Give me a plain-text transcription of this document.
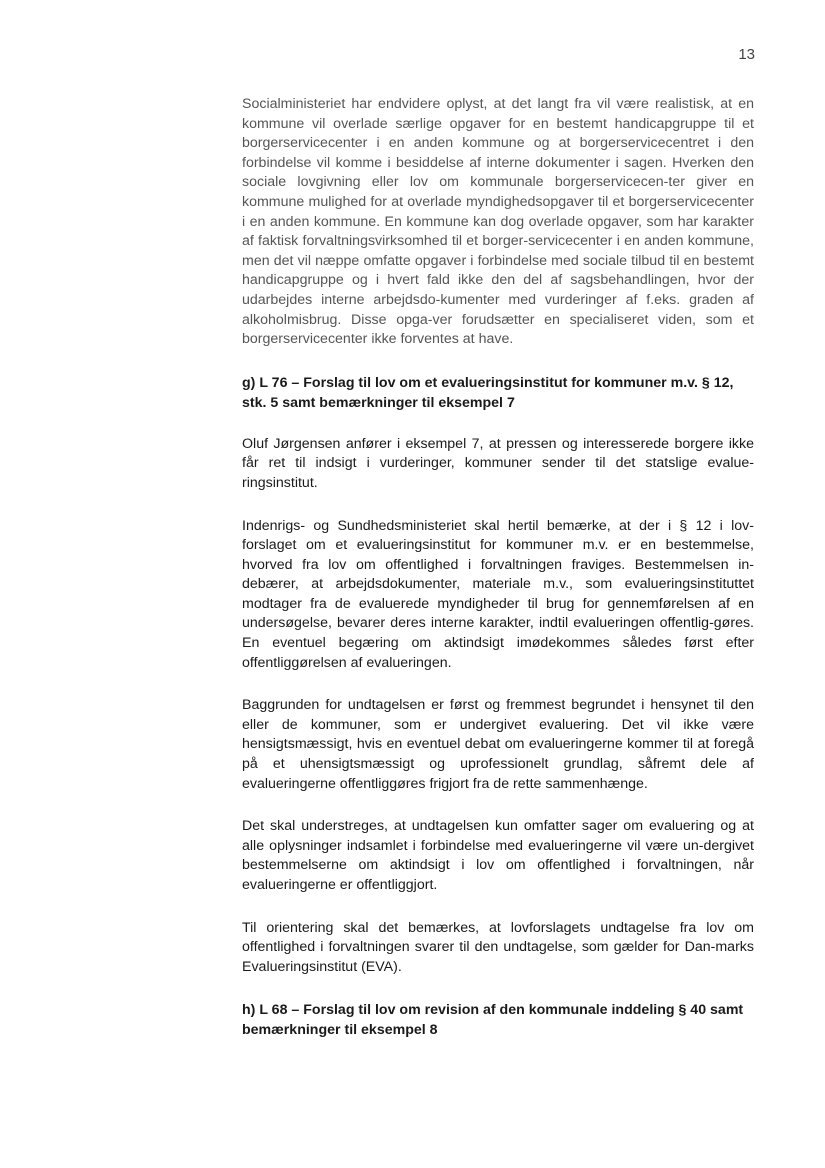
13

Socialministeriet har endvidere oplyst, at det langt fra vil være realistisk, at en kommune vil overlade særlige opgaver for en bestemt handicapgruppe til et borgerservicecenter i en anden kommune og at borgerservicecentret i den forbindelse vil komme i besiddelse af interne dokumenter i sagen. Hverken den sociale lovgivning eller lov om kommunale borgerservicecen-ter giver en kommune mulighed for at overlade myndighedsopgaver til et borgerservicecenter i en anden kommune. En kommune kan dog overlade opgaver, som har karakter af faktisk forvaltningsvirksomhed til et borger-servicecenter i en anden kommune, men det vil næppe omfatte opgaver i forbindelse med sociale tilbud til en bestemt handicapgruppe og i hvert fald ikke den del af sagsbehandlingen, hvor der udarbejdes interne arbejdsdo-kumenter med vurderinger af f.eks. graden af alkoholmisbrug. Disse opga-ver forudsætter en specialiseret viden, som et borgerservicecenter ikke forventes at have.

g) L 76 – Forslag til lov om et evalueringsinstitut for kommuner m.v. § 12, stk. 5 samt bemærkninger til eksempel 7

Oluf Jørgensen anfører i eksempel 7, at pressen og interesserede borgere ikke får ret til indsigt i vurderinger, kommuner sender til det statslige evalue-ringsinstitut.

Indenrigs- og Sundhedsministeriet skal hertil bemærke, at der i § 12 i lov-forslaget om et evalueringsinstitut for kommuner m.v. er en bestemmelse, hvorved fra lov om offentlighed i forvaltningen fraviges. Bestemmelsen in-debærer, at arbejdsdokumenter, materiale m.v., som evalueringsinstituttet modtager fra de evaluerede myndigheder til brug for gennemførelsen af en undersøgelse, bevarer deres interne karakter, indtil evalueringen offentlig-gøres. En eventuel begæring om aktindsigt imødekommes således først efter offentliggørelsen af evalueringen.

Baggrunden for undtagelsen er først og fremmest begrundet i hensynet til den eller de kommuner, som er undergivet evaluering. Det vil ikke være hensigtsmæssigt, hvis en eventuel debat om evalueringerne kommer til at foregå på et uhensigtsmæssigt og uprofessionelt grundlag, såfremt dele af evalueringerne offentliggøres frigjort fra de rette sammenhænge.

Det skal understreges, at undtagelsen kun omfatter sager om evaluering og at alle oplysninger indsamlet i forbindelse med evalueringerne vil være un-dergivet bestemmelserne om aktindsigt i lov om offentlighed i forvaltningen, når evalueringerne er offentliggjort.

Til orientering skal det bemærkes, at lovforslagets undtagelse fra lov om offentlighed i forvaltningen svarer til den undtagelse, som gælder for Dan-marks Evalueringsinstitut (EVA).

h) L 68 – Forslag til lov om revision af den kommunale inddeling § 40 samt bemærkninger til eksempel 8
